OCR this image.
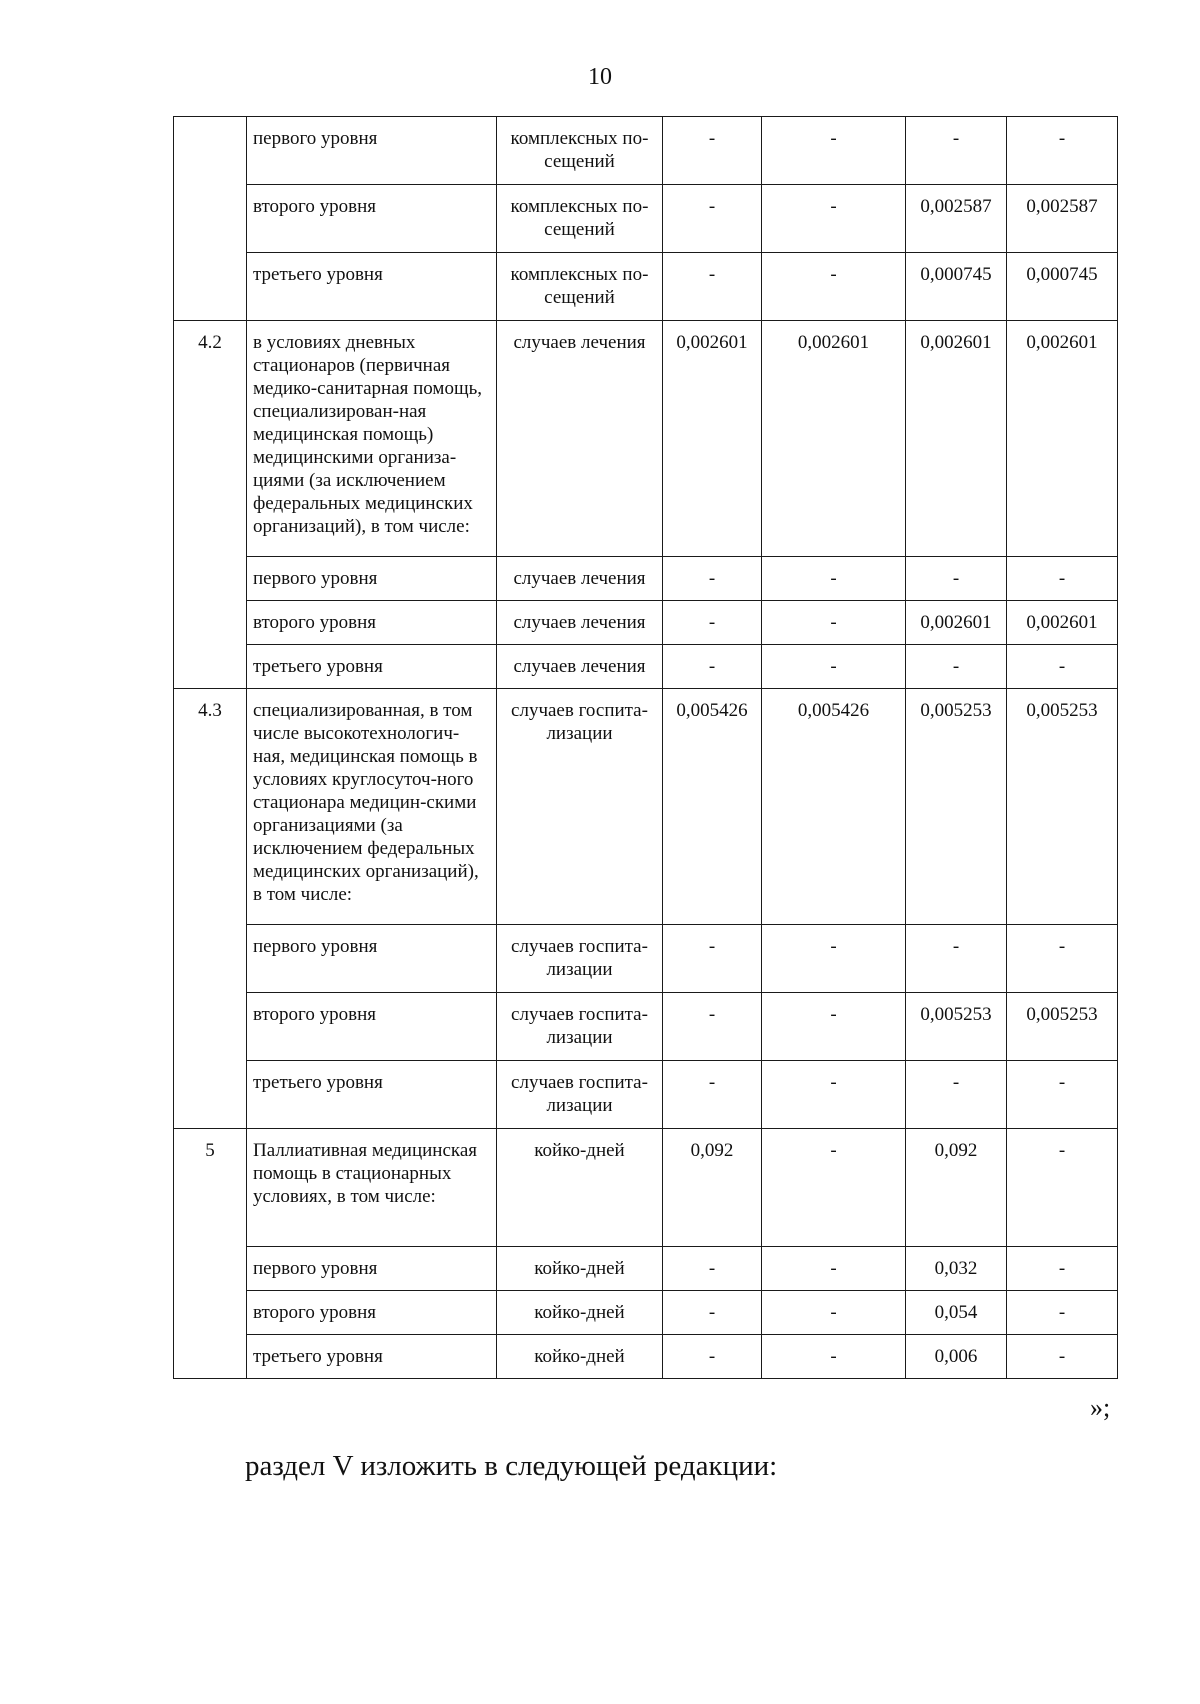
10
	первого уровня	комплексных по-сещений	-	-	-	-
	второго уровня	комплексных по-сещений	-	-	0,002587	0,002587
	третьего уровня	комплексных по-сещений	-	-	0,000745	0,000745
4.2	в условиях дневных стационаров (первичная медико-санитарная помощь, специализирован-ная медицинская помощь) медицинскими организа-циями (за исключением федеральных медицинских организаций), в том числе:	случаев лечения	0,002601	0,002601	0,002601	0,002601
	первого уровня	случаев лечения	-	-	-	-
	второго уровня	случаев лечения	-	-	0,002601	0,002601
	третьего уровня	случаев лечения	-	-	-	-
4.3	специализированная, в том числе высокотехнологич-ная, медицинская помощь в условиях круглосуточ-ного стационара медицин-скими организациями (за исключением федеральных медицинских организаций), в том числе:	случаев госпита-лизации	0,005426	0,005426	0,005253	0,005253
	первого уровня	случаев госпита-лизации	-	-	-	-
	второго уровня	случаев госпита-лизации	-	-	0,005253	0,005253
	третьего уровня	случаев госпита-лизации	-	-	-	-
5	Паллиативная медицинская помощь в стационарных условиях, в том числе:	койко-дней	0,092	-	0,092	-
	первого уровня	койко-дней	-	-	0,032	-
	второго уровня	койко-дней	-	-	0,054	-
	третьего уровня	койко-дней	-	-	0,006	-
»;
раздел V изложить в следующей редакции:
